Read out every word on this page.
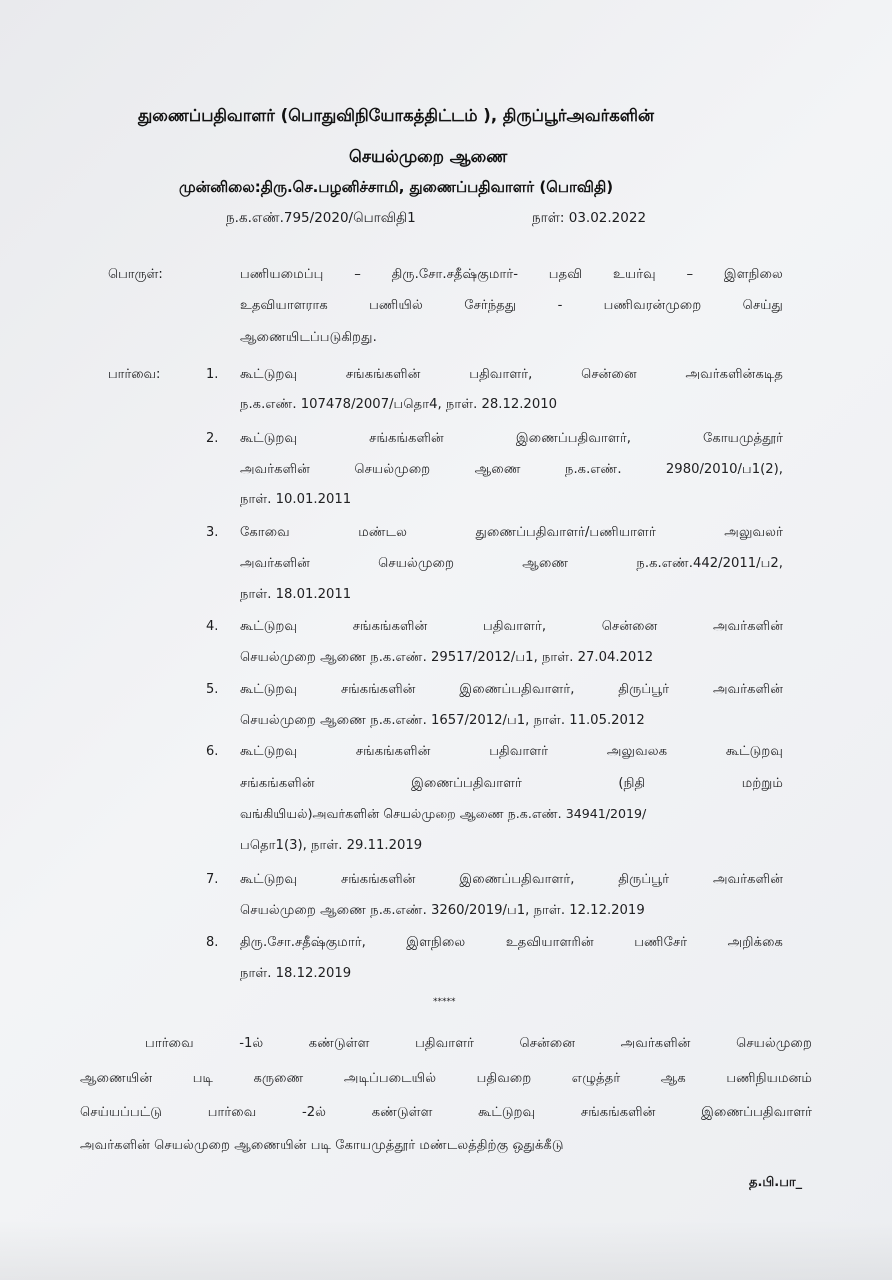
துணைப்பதிவாளர் (பொதுவிநியோகத்திட்டம் ), திருப்பூர்அவர்களின்
செயல்முறை ஆணை
முன்னிலை:திரு.செ.பழனிச்சாமி, துணைப்பதிவாளர் (பொவிதி)
ந.க.எண்.795/2020/பொவிதி1	நாள்: 03.02.2022
பொருள்:	பணியமைப்பு – திரு.சோ.சதீஷ்குமார்- பதவி உயர்வு – இளநிலை
உதவியாளராக பணியில் சேர்ந்தது - பணிவரன்முறை செய்து
ஆணையிடப்படுகிறது.
பார்வை:	1. கூட்டுறவு சங்கங்களின் பதிவாளர், சென்னை அவர்களின்கடித
ந.க.எண். 107478/2007/பதொ4, நாள். 28.12.2010
2. கூட்டுறவு சங்கங்களின் இணைப்பதிவாளர், கோயமுத்தூர்
அவர்களின் செயல்முறை ஆணை ந.க.எண். 2980/2010/ப1(2),
நாள். 10.01.2011
3. கோவை மண்டல துணைப்பதிவாளர்/பணியாளர் அலுவலர்
அவர்களின் செயல்முறை ஆணை ந.க.எண்.442/2011/ப2,
நாள். 18.01.2011
4. கூட்டுறவு சங்கங்களின் பதிவாளர், சென்னை அவர்களின்
செயல்முறை ஆணை ந.க.எண். 29517/2012/ப1, நாள். 27.04.2012
5. கூட்டுறவு சங்கங்களின் இணைப்பதிவாளர், திருப்பூர் அவர்களின்
செயல்முறை ஆணை ந.க.எண். 1657/2012/ப1, நாள். 11.05.2012
6. கூட்டுறவு சங்கங்களின் பதிவாளர் அலுவலக கூட்டுறவு
சங்கங்களின் இணைப்பதிவாளர் (நிதி மற்றும்
வங்கியியல்)அவர்களின் செயல்முறை ஆணை ந.க.எண். 34941/2019/
பதொ1(3), நாள். 29.11.2019
7. கூட்டுறவு சங்கங்களின் இணைப்பதிவாளர், திருப்பூர் அவர்களின்
செயல்முறை ஆணை ந.க.எண். 3260/2019/ப1, நாள். 12.12.2019
8. திரு.சோ.சதீஷ்குமார், இளநிலை உதவியாளரின் பணிசேர் அறிக்கை
நாள். 18.12.2019
*****
பார்வை -1ல் கண்டுள்ள பதிவாளர் சென்னை அவர்களின் செயல்முறை
ஆணையின் படி கருணை அடிப்படையில் பதிவறை எழுத்தர் ஆக பணிநியமனம்
செய்யப்பட்டு பார்வை -2ல் கண்டுள்ள கூட்டுறவு சங்கங்களின் இணைப்பதிவாளர்
அவர்களின் செயல்முறை ஆணையின் படி கோயமுத்தூர் மண்டலத்திற்கு ஒதுக்கீடு
த.பி.பா_
